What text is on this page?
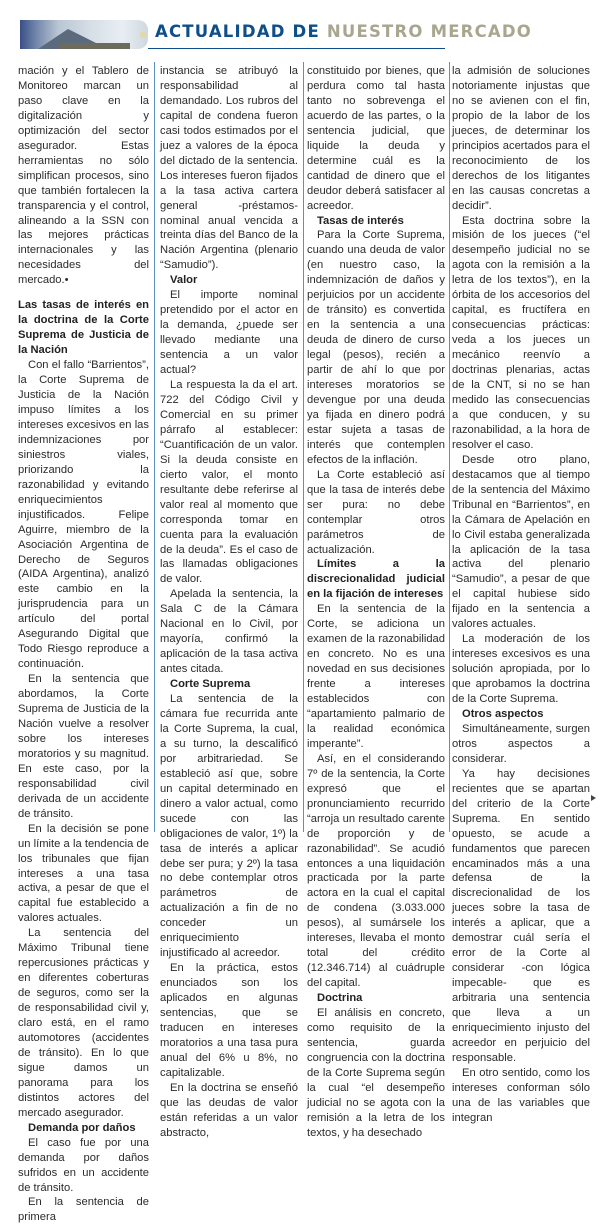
ACTUALIDAD DE NUESTRO MERCADO

mación y el Tablero de Monitoreo marcan un paso clave en la digitalización y optimización del sector asegurador. Estas herramientas no sólo simplifican procesos, sino que también fortalecen la transparencia y el control, alineando a la SSN con las mejores prácticas internacionales y las necesidades del mercado.•

Las tasas de interés en la doctrina de la Corte Suprema de Justicia de la Nación

Con el fallo “Barrientos”, la Corte Suprema de Justicia de la Nación impuso límites a los intereses excesivos en las indemnizaciones por siniestros viales, priorizando la razonabilidad y evitando enriquecimientos injustificados. Felipe Aguirre, miembro de la Asociación Argentina de Derecho de Seguros (AIDA Argentina), analizó este cambio en la jurisprudencia para un artículo del portal Asegurando Digital que Todo Riesgo reproduce a continuación.

En la sentencia que abordamos, la Corte Suprema de Justicia de la Nación vuelve a resolver sobre los intereses moratorios y su magnitud. En este caso, por la responsabilidad civil derivada de un accidente de tránsito.

En la decisión se pone un límite a la tendencia de los tribunales que fijan intereses a una tasa activa, a pesar de que el capital fue establecido a valores actuales.

La sentencia del Máximo Tribunal tiene repercusiones prácticas y en diferentes coberturas de seguros, como ser la de responsabilidad civil y, claro está, en el ramo automotores (accidentes de tránsito). En lo que sigue damos un panorama para los distintos actores del mercado asegurador.

Demanda por daños

El caso fue por una demanda por daños sufridos en un accidente de tránsito.

En la sentencia de primera

instancia se atribuyó la responsabilidad al demandado. Los rubros del capital de condena fueron casi todos estimados por el juez a valores de la época del dictado de la sentencia. Los intereses fueron fijados a la tasa activa cartera general -préstamos- nominal anual vencida a treinta días del Banco de la Nación Argentina (plenario “Samudio”).

Valor

El importe nominal pretendido por el actor en la demanda, ¿puede ser llevado mediante una sentencia a un valor actual?

La respuesta la da el art. 722 del Código Civil y Comercial en su primer párrafo al establecer: “Cuantificación de un valor. Si la deuda consiste en cierto valor, el monto resultante debe referirse al valor real al momento que corresponda tomar en cuenta para la evaluación de la deuda”. Es el caso de las llamadas obligaciones de valor.

Apelada la sentencia, la Sala C de la Cámara Nacional en lo Civil, por mayoría, confirmó la aplicación de la tasa activa antes citada.

Corte Suprema

La sentencia de la cámara fue recurrida ante la Corte Suprema, la cual, a su turno, la descalificó por arbitrariedad. Se estableció así que, sobre un capital determinado en dinero a valor actual, como sucede con las obligaciones de valor, 1º) la tasa de interés a aplicar debe ser pura; y 2º) la tasa no debe contemplar otros parámetros de actualización a fin de no conceder un enriquecimiento injustificado al acreedor.

En la práctica, estos enunciados son los aplicados en algunas sentencias, que se traducen en intereses moratorios a una tasa pura anual del 6% u 8%, no capitalizable.

En la doctrina se enseñó que las deudas de valor están referidas a un valor abstracto,

constituido por bienes, que perdura como tal hasta tanto no sobrevenga el acuerdo de las partes, o la sentencia judicial, que liquide la deuda y determine cuál es la cantidad de dinero que el deudor deberá satisfacer al acreedor.

Tasas de interés

Para la Corte Suprema, cuando una deuda de valor (en nuestro caso, la indemnización de daños y perjuicios por un accidente de tránsito) es convertida en la sentencia a una deuda de dinero de curso legal (pesos), recién a partir de ahí lo que por intereses moratorios se devengue por una deuda ya fijada en dinero podrá estar sujeta a tasas de interés que contemplen efectos de la inflación.

La Corte estableció así que la tasa de interés debe ser pura: no debe contemplar otros parámetros de actualización.

Límites a la discrecionalidad judicial en la fijación de intereses

En la sentencia de la Corte, se adiciona un examen de la razonabilidad en concreto. No es una novedad en sus decisiones frente a intereses establecidos con “apartamiento palmario de la realidad económica imperante”.

Así, en el considerando 7º de la sentencia, la Corte expresó que el pronunciamiento recurrido “arroja un resultado carente de proporción y de razonabilidad”. Se acudió entonces a una liquidación practicada por la parte actora en la cual el capital de condena (3.033.000 pesos), al sumársele los intereses, llevaba el monto total del crédito (12.346.714) al cuádruple del capital.

Doctrina

El análisis en concreto, como requisito de la sentencia, guarda congruencia con la doctrina de la Corte Suprema según la cual “el desempeño judicial no se agota con la remisión a la letra de los textos, y ha desechado

la admisión de soluciones notoriamente injustas que no se avienen con el fin, propio de la labor de los jueces, de determinar los principios acertados para el reconocimiento de los derechos de los litigantes en las causas concretas a decidir”.

Esta doctrina sobre la misión de los jueces (“el desempeño judicial no se agota con la remisión a la letra de los textos”), en la órbita de los accesorios del capital, es fructífera en consecuencias prácticas: veda a los jueces un mecánico reenvío a doctrinas plenarias, actas de la CNT, si no se han medido las consecuencias a que conducen, y su razonabilidad, a la hora de resolver el caso.

Desde otro plano, destacamos que al tiempo de la sentencia del Máximo Tribunal en “Barrientos”, en la Cámara de Apelación en lo Civil estaba generalizada la aplicación de la tasa activa del plenario “Samudio”, a pesar de que el capital hubiese sido fijado en la sentencia a valores actuales.

La moderación de los intereses excesivos es una solución apropiada, por lo que aprobamos la doctrina de la Corte Suprema.

Otros aspectos

Simultáneamente, surgen otros aspectos a considerar.

Ya hay decisiones recientes que se apartan del criterio de la Corte Suprema. En sentido opuesto, se acude a fundamentos que parecen encaminados más a una defensa de la discrecionalidad de los jueces sobre la tasa de interés a aplicar, que a demostrar cuál sería el error de la Corte al considerar -con lógica impecable- que es arbitraria una sentencia que lleva a un enriquecimiento injusto del acreedor en perjuicio del responsable.

En otro sentido, como los intereses conforman sólo una de las variables que integran
